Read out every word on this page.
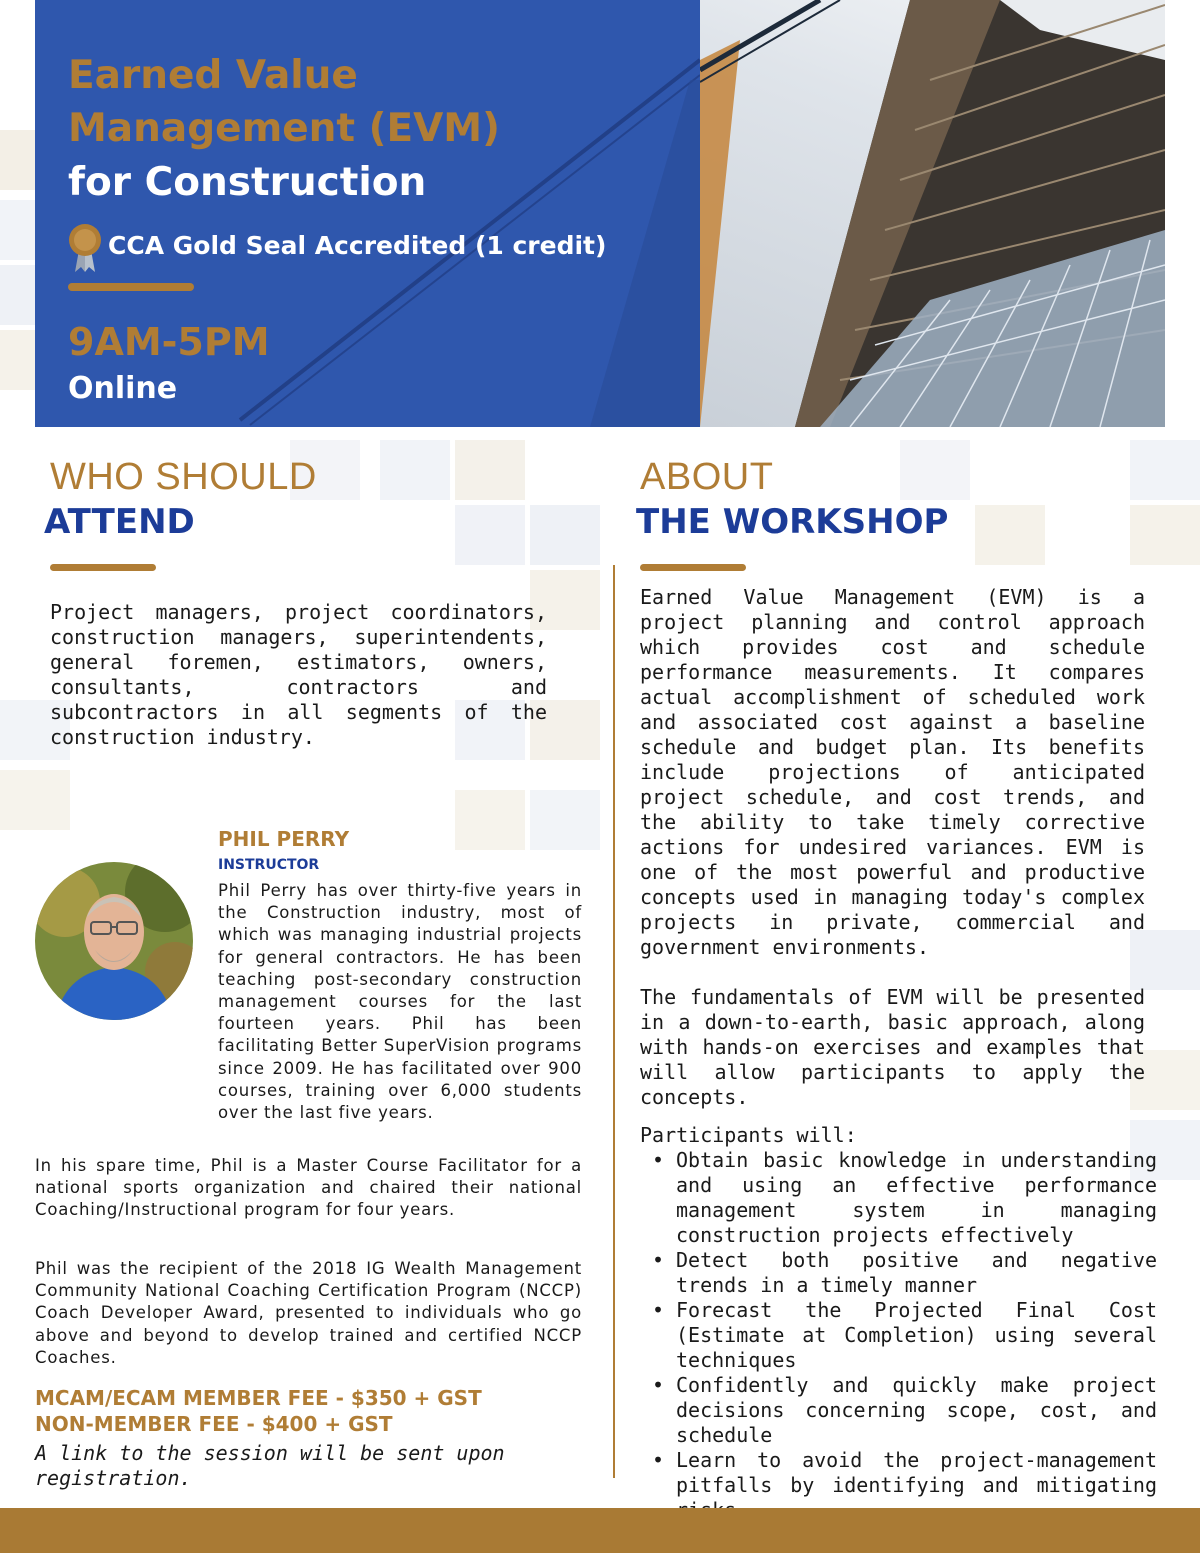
Earned Value
Management (EVM)
for Construction
CCA Gold Seal Accredited (1 credit)
9AM-5PM
Online
WHO SHOULD
ATTEND
Project managers, project coordinators, construction managers, superintendents, general foremen, estimators, owners, consultants, contractors and subcontractors in all segments of the construction industry.
ABOUT
THE WORKSHOP
Earned Value Management (EVM) is a project planning and control approach which provides cost and schedule performance measurements. It compares actual accomplishment of scheduled work and associated cost against a baseline schedule and budget plan. Its benefits include projections of anticipated project schedule, and cost trends, and the ability to take timely corrective actions for undesired variances. EVM is one of the most powerful and productive concepts used in managing today's complex projects in private, commercial and government environments.
The fundamentals of EVM will be presented in a down-to-earth, basic approach, along with hands-on exercises and examples that will allow participants to apply the concepts.
Participants will:
• Obtain basic knowledge in understanding and using an effective performance management system in managing construction projects effectively
• Detect both positive and negative trends in a timely manner
• Forecast the Projected Final Cost (Estimate at Completion) using several techniques
• Confidently and quickly make project decisions concerning scope, cost, and schedule
• Learn to avoid the project-management pitfalls by identifying and mitigating
PHIL PERRY
INSTRUCTOR
Phil Perry has over thirty-five years in the Construction industry, most of which was managing industrial projects for general contractors. He has been teaching post-secondary construction management courses for the last fourteen years. Phil has been facilitating Better SuperVision programs since 2009. He has facilitated over 900 courses, training over 6,000 students over the last five years.
In his spare time, Phil is a Master Course Facilitator for a national sports organization and chaired their national Coaching/Instructional program for four years.
Phil was the recipient of the 2018 IG Wealth Management Community National Coaching Certification Program (NCCP) Coach Developer Award, presented to individuals who go above and beyond to develop trained and certified NCCP Coaches.
MCAM/ECAM MEMBER FEE - $350 + GST
NON-MEMBER FEE - $400 + GST
A link to the session will be sent upon registration.
